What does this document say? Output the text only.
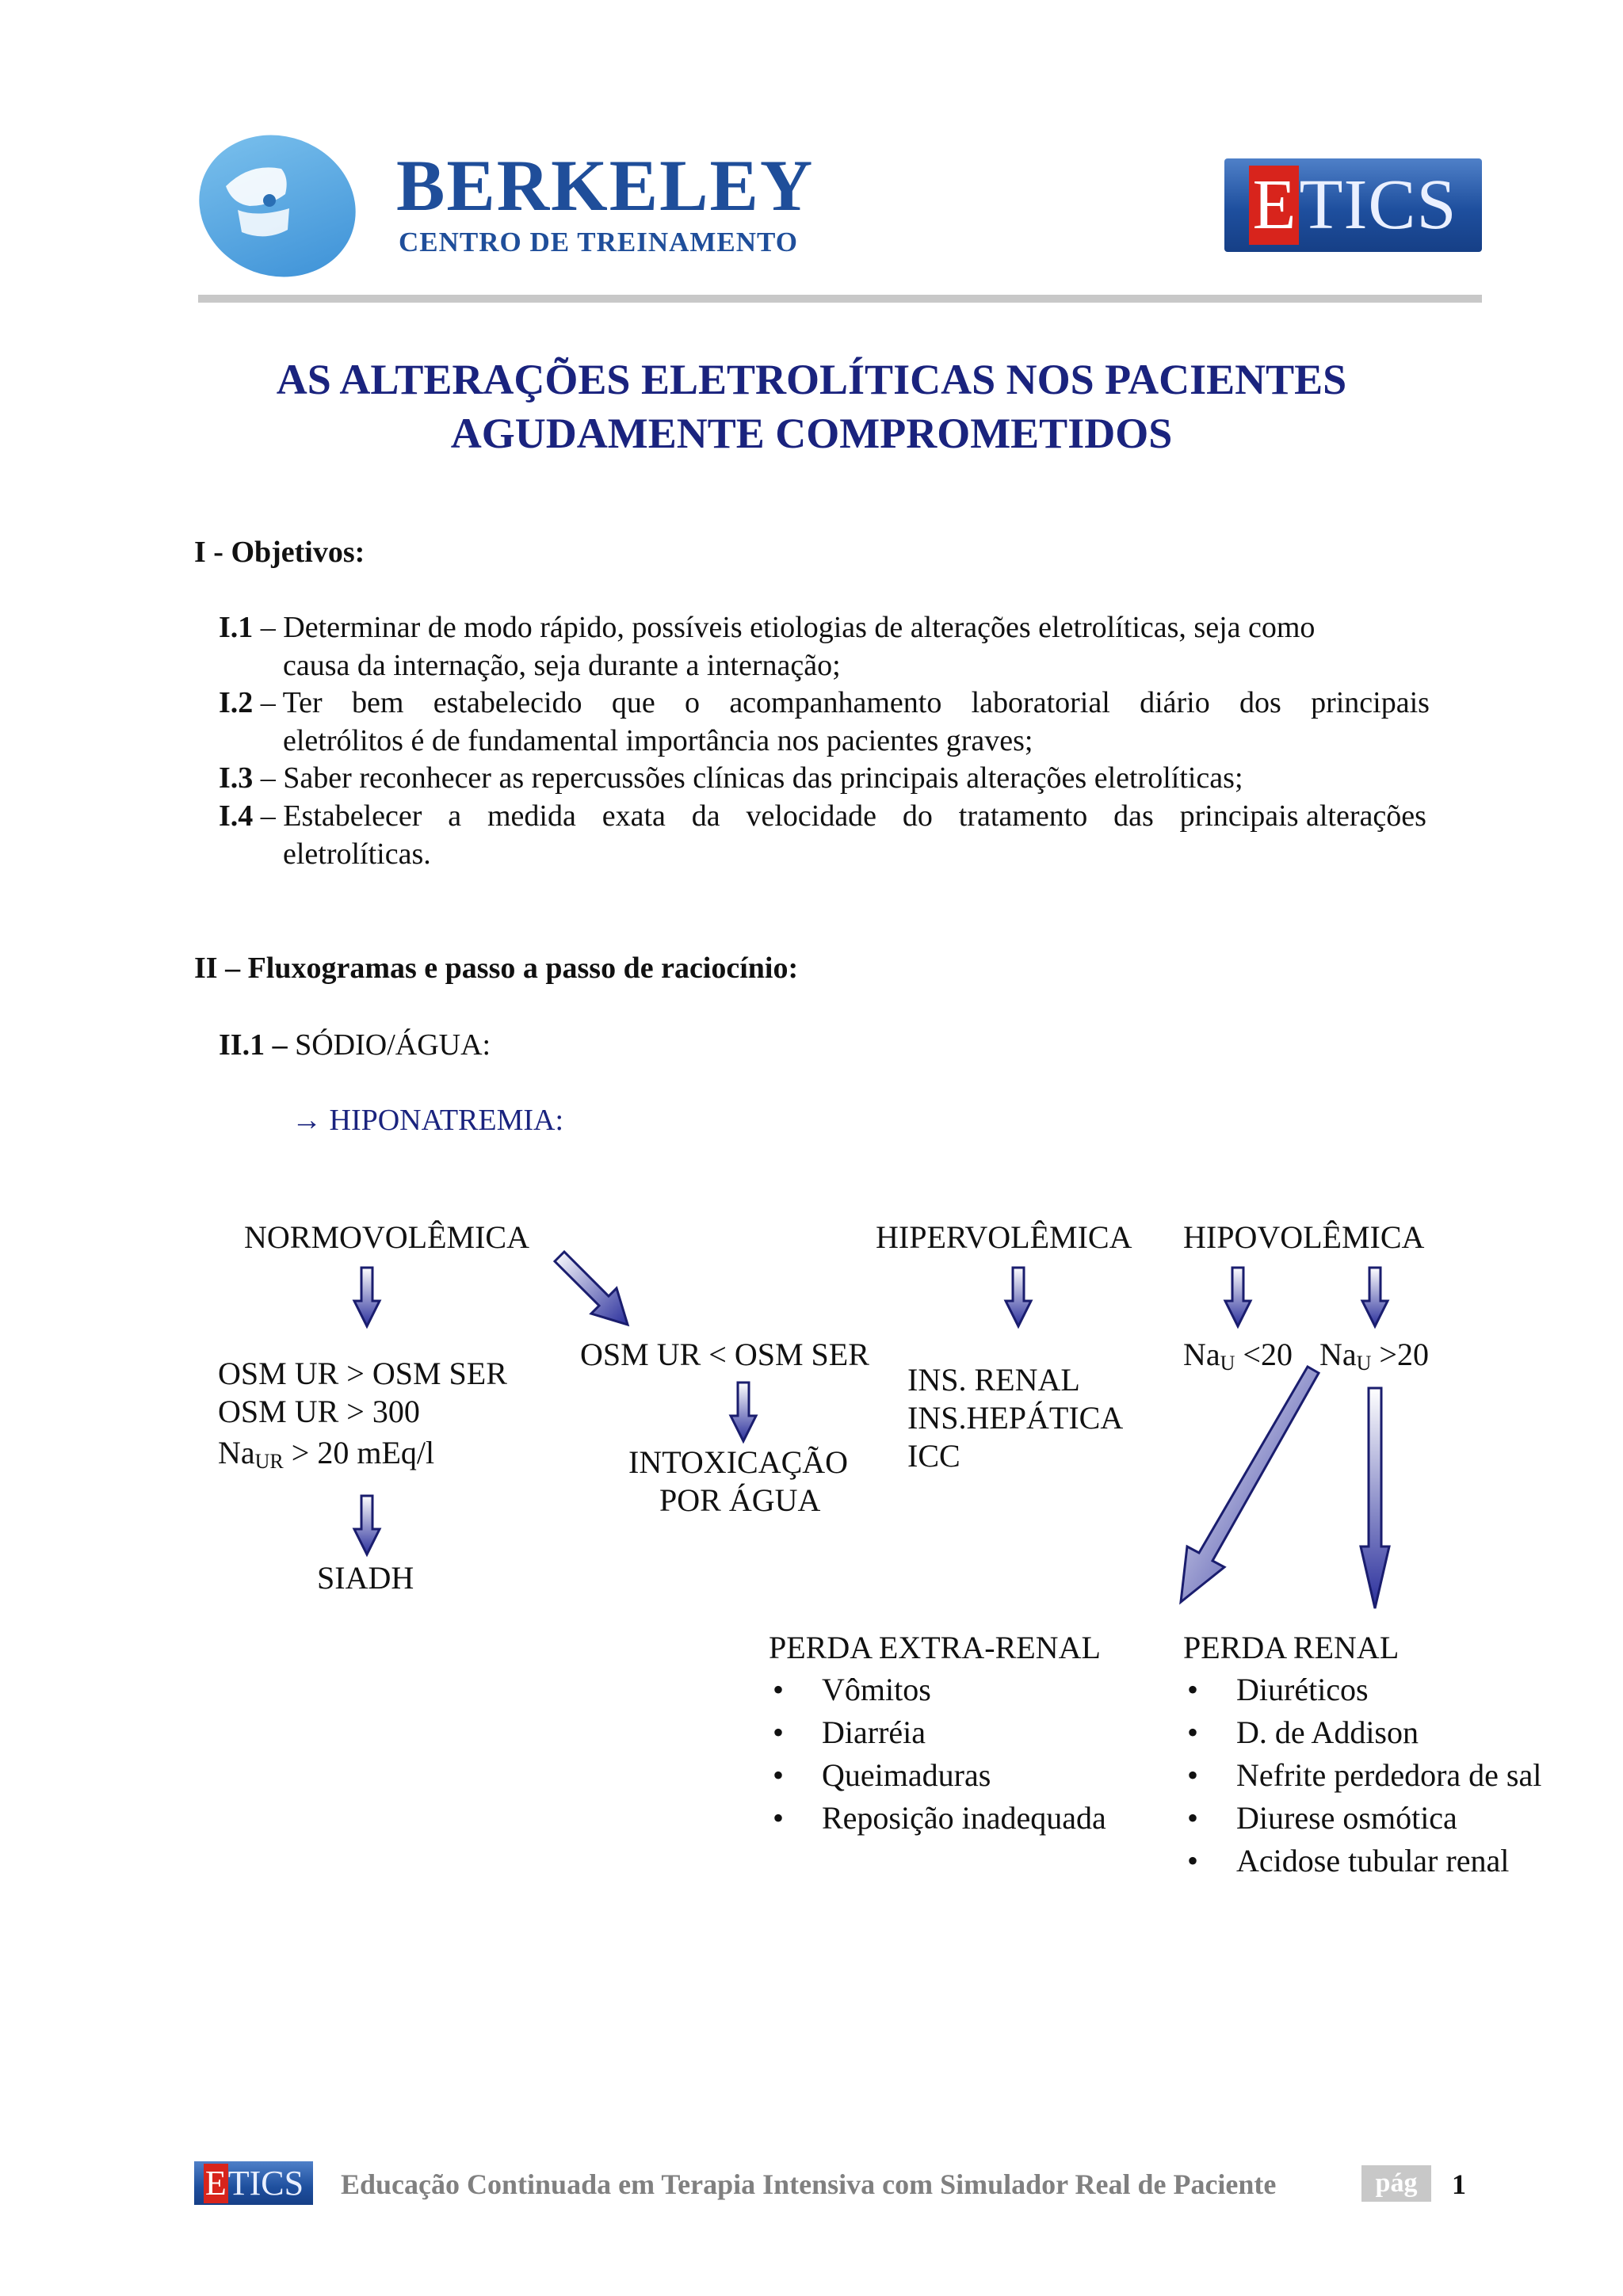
BERKELEY
CENTRO DE TREINAMENTO	E TICS
AS ALTERAÇÕES ELETROLÍTICAS NOS PACIENTES
AGUDAMENTE COMPROMETIDOS
I - Objetivos:
I.1 – Determinar de modo rápido, possíveis etiologias de alterações eletrolíticas, seja como
causa da internação, seja durante a internação;
I.2 – Ter bem estabelecido que o acompanhamento laboratorial diário dos principais
eletrólitos é de fundamental importância nos pacientes graves;
I.3 – Saber reconhecer as repercussões clínicas das principais alterações eletrolíticas;
I.4 – Estabelecer a medida exata da velocidade do tratamento das principais alterações
eletrolíticas.
II – Fluxogramas e passo a passo de raciocínio:
II.1 – SÓDIO/ÁGUA:
→ HIPONATREMIA:
NORMOVOLÊMICA	HIPERVOLÊMICA HIPOVOLÊMICA
OSM UR > OSM SER
OSM UR > 300
$Na_{UR} > 20$ mEq/l
SIADH
OSM UR < OSM SER
INTOXICAÇÃO
POR ÁGUA
INS. RENAL
INS.HEPÁTICA
ICC
$Na_U <20$ $Na_U >20$
PERDA EXTRA-RENAL
• Vômitos
• Diarréia
• Queimaduras
• Reposição inadequada
PERDA RENAL
• Diuréticos
• D. de Addison
• Nefrite perdedora de sal
• Diurese osmótica
• Acidose tubular renal
E TICS Educação Continuada em Terapia Intensiva com Simulador Real de Paciente	pág	1
